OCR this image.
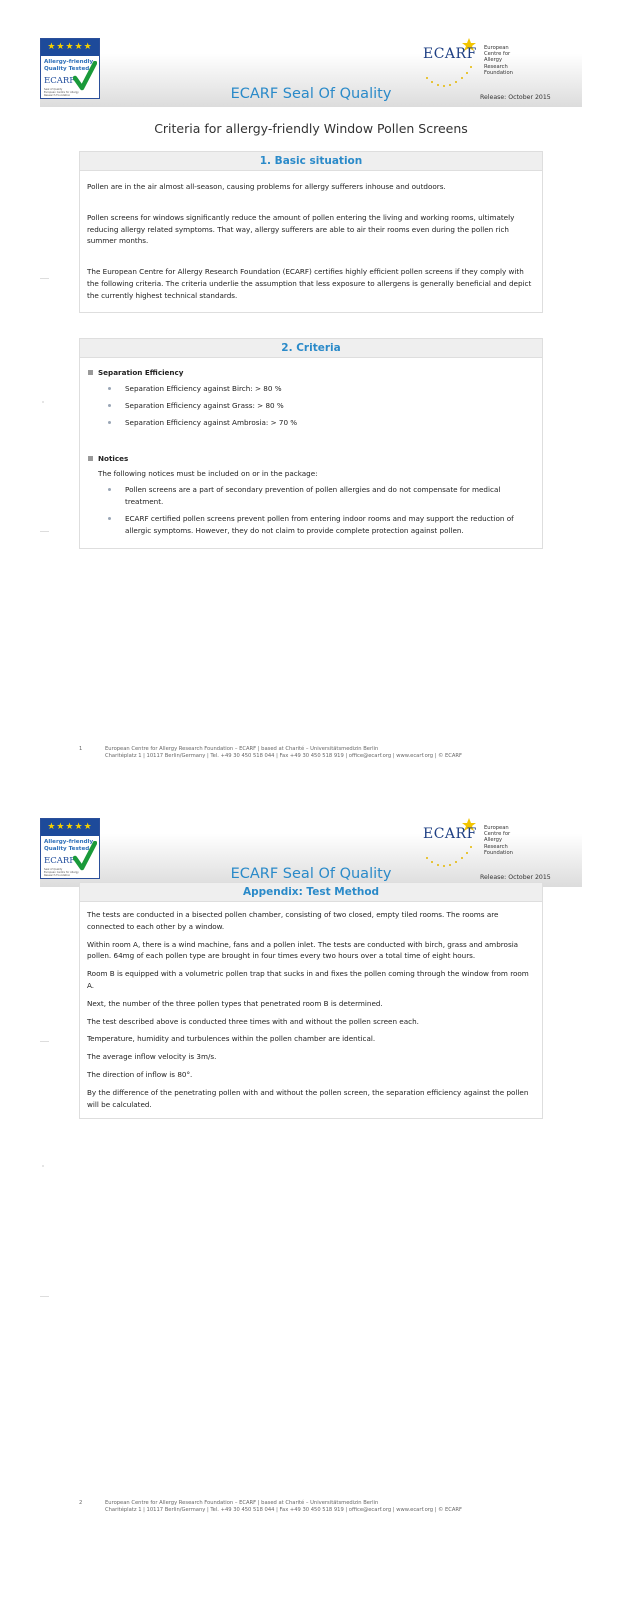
★★★★★
Allergy-friendly
Quality Tested
ECARF
Seal of Quality
European Centre for Allergy Research Foundation
ECARF European
Centre for
Allergy
Research
Foundation
ECARF Seal Of Quality	Release: October 2015
Criteria for allergy-friendly Window Pollen Screens
1. Basic situation

Pollen are in the air almost all-season, causing problems for allergy sufferers inhouse and outdoors.

Pollen screens for windows significantly reduce the amount of pollen entering the living and working rooms, ultimately reducing allergy related symptoms. That way, allergy sufferers are able to air their rooms even during the pollen rich summer months.

The European Centre for Allergy Research Foundation (ECARF) certifies highly efficient pollen screens if they comply with the following criteria. The criteria underlie the assumption that less exposure to allergens is generally beneficial and depict the currently highest technical standards.

2. Criteria
Separation Efficiency
Separation Efficiency against Birch: > 80 %
Separation Efficiency against Grass: > 80 %
Separation Efficiency against Ambrosia: > 70 %
Notices
The following notices must be included on or in the package:
Pollen screens are a part of secondary prevention of pollen allergies and do not compensate for medical treatment.
ECARF certified pollen screens prevent pollen from entering indoor rooms and may support the reduction of allergic symptoms. However, they do not claim to provide complete protection against pollen.
1	European Centre for Allergy Research Foundation – ECARF | based at Charité – Universitätsmedizin Berlin
Charitéplatz 1 | 10117 Berlin/Germany | Tel. +49 30 450 518 044 | Fax +49 30 450 518 919 | office@ecarf.org | www.ecarf.org | © ECARF
★★★★★
Allergy-friendly
Quality Tested
ECARF
Seal of Quality
European Centre for Allergy Research Foundation
ECARF European
Centre for
Allergy
Research
Foundation
ECARF Seal Of Quality	Release: October 2015
Appendix: Test Method

The tests are conducted in a bisected pollen chamber, consisting of two closed, empty tiled rooms. The rooms are connected to each other by a window.

Within room A, there is a wind machine, fans and a pollen inlet. The tests are conducted with birch, grass and ambrosia pollen. 64mg of each pollen type are brought in four times every two hours over a total time of eight hours.

Room B is equipped with a volumetric pollen trap that sucks in and fixes the pollen coming through the window from room A.

Next, the number of the three pollen types that penetrated room B is determined.

The test described above is conducted three times with and without the pollen screen each.

Temperature, humidity and turbulences within the pollen chamber are identical.

The average inflow velocity is 3m/s.

The direction of inflow is 80°.

By the difference of the penetrating pollen with and without the pollen screen, the separation efficiency against the pollen will be calculated.

2	European Centre for Allergy Research Foundation – ECARF | based at Charité – Universitätsmedizin Berlin
Charitéplatz 1 | 10117 Berlin/Germany | Tel. +49 30 450 518 044 | Fax +49 30 450 518 919 | office@ecarf.org | www.ecarf.org | © ECARF
